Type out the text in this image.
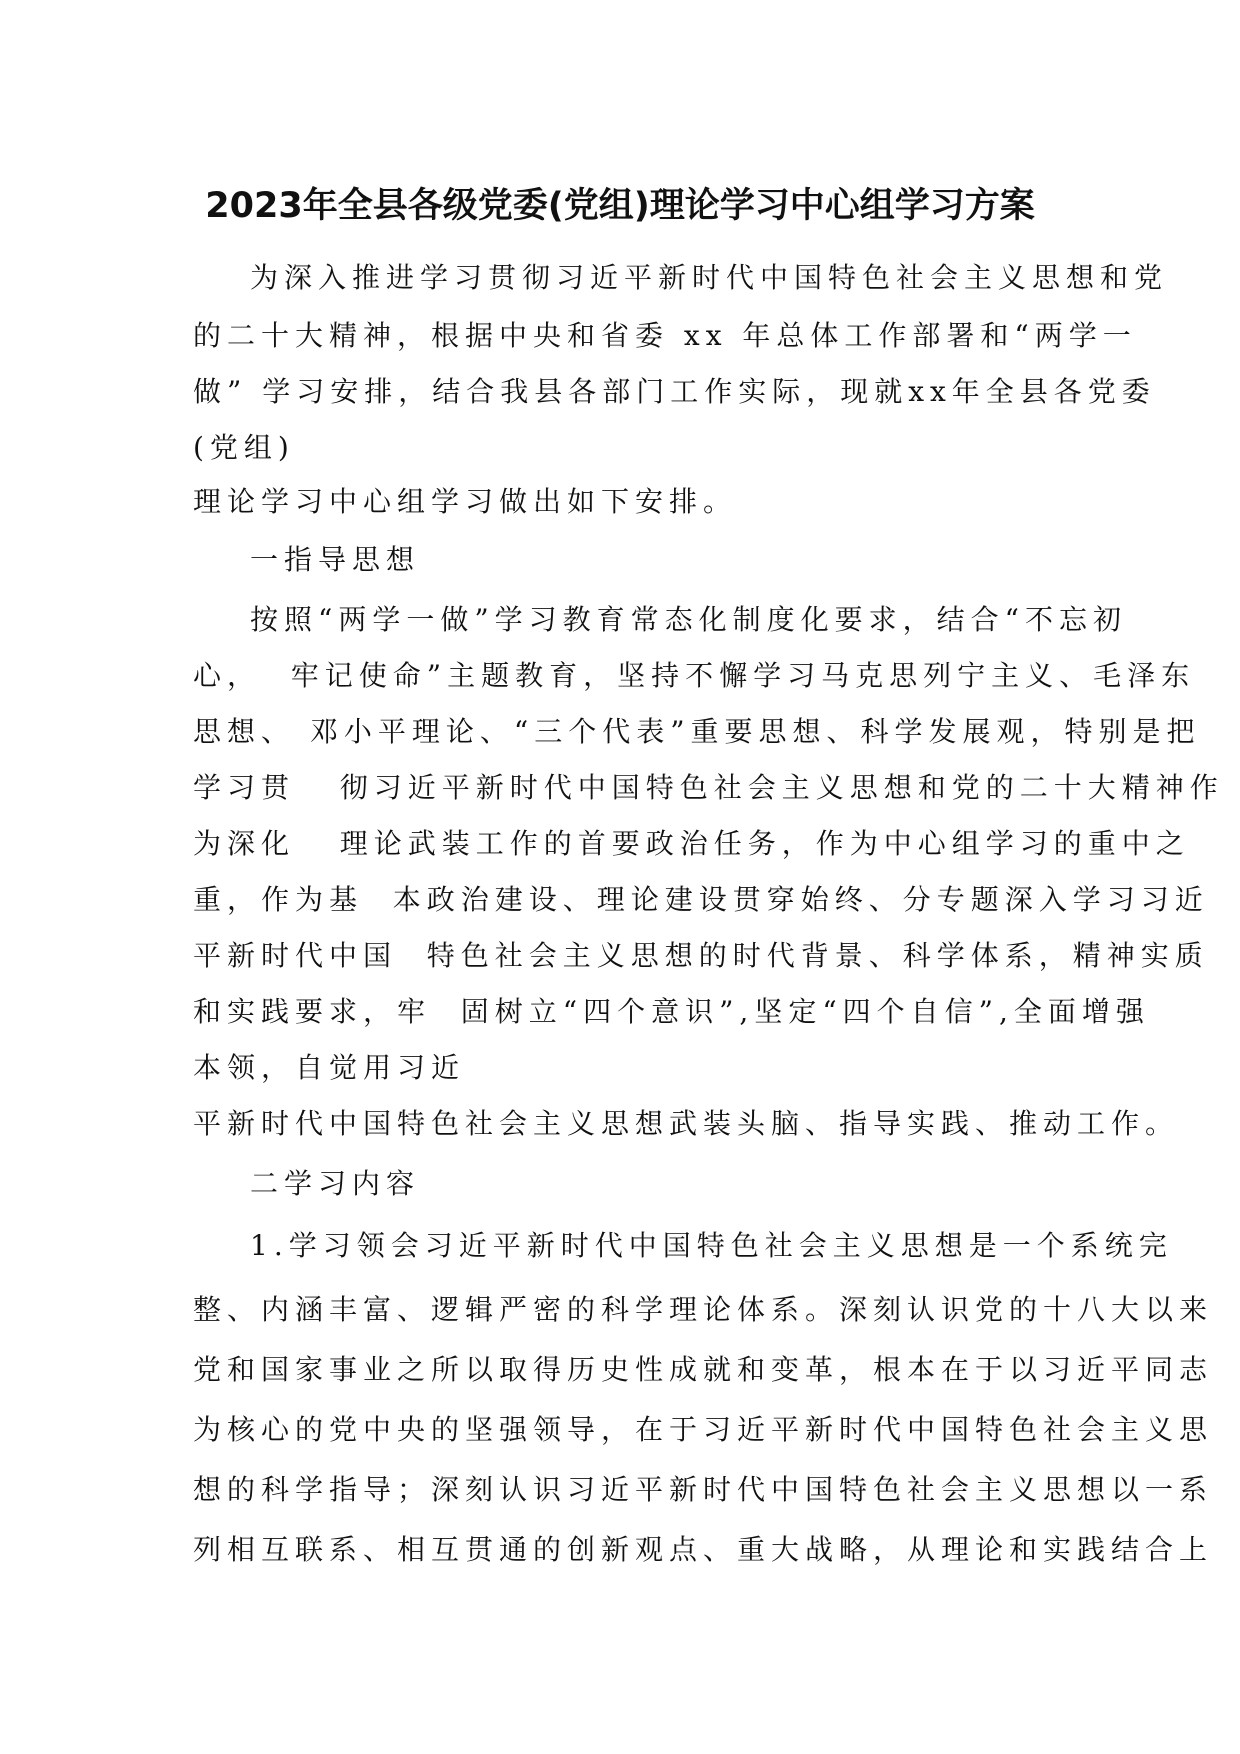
2023年全县各级党委(党组)理论学习中心组学习方案
为深入推进学习贯彻习近平新时代中国特色社会主义思想和党
的二十大精神，根据中央和省委 xx 年总体工作部署和“两学一
做” 学习安排，结合我县各部门工作实际，现就xx年全县各党委
(党组)
理论学习中心组学习做出如下安排。
一指导思想
按照“两学一做”学习教育常态化制度化要求，结合“不忘初
心，  牢记使命”主题教育，坚持不懈学习马克思列宁主义、毛泽东
思想、 邓小平理论、“三个代表”重要思想、科学发展观，特别是把
学习贯   彻习近平新时代中国特色社会主义思想和党的二十大精神作
为深化   理论武装工作的首要政治任务，作为中心组学习的重中之
重，作为基  本政治建设、理论建设贯穿始终、分专题深入学习习近
平新时代中国  特色社会主义思想的时代背景、科学体系，精神实质
和实践要求，牢  固树立“四个意识”,坚定“四个自信”,全面增强
本领，自觉用习近
平新时代中国特色社会主义思想武装头脑、指导实践、推动工作。
二学习内容
1.学习领会习近平新时代中国特色社会主义思想是一个系统完
整、内涵丰富、逻辑严密的科学理论体系。深刻认识党的十八大以来
党和国家事业之所以取得历史性成就和变革，根本在于以习近平同志
为核心的党中央的坚强领导，在于习近平新时代中国特色社会主义思
想的科学指导；深刻认识习近平新时代中国特色社会主义思想以一系
列相互联系、相互贯通的创新观点、重大战略，从理论和实践结合上
